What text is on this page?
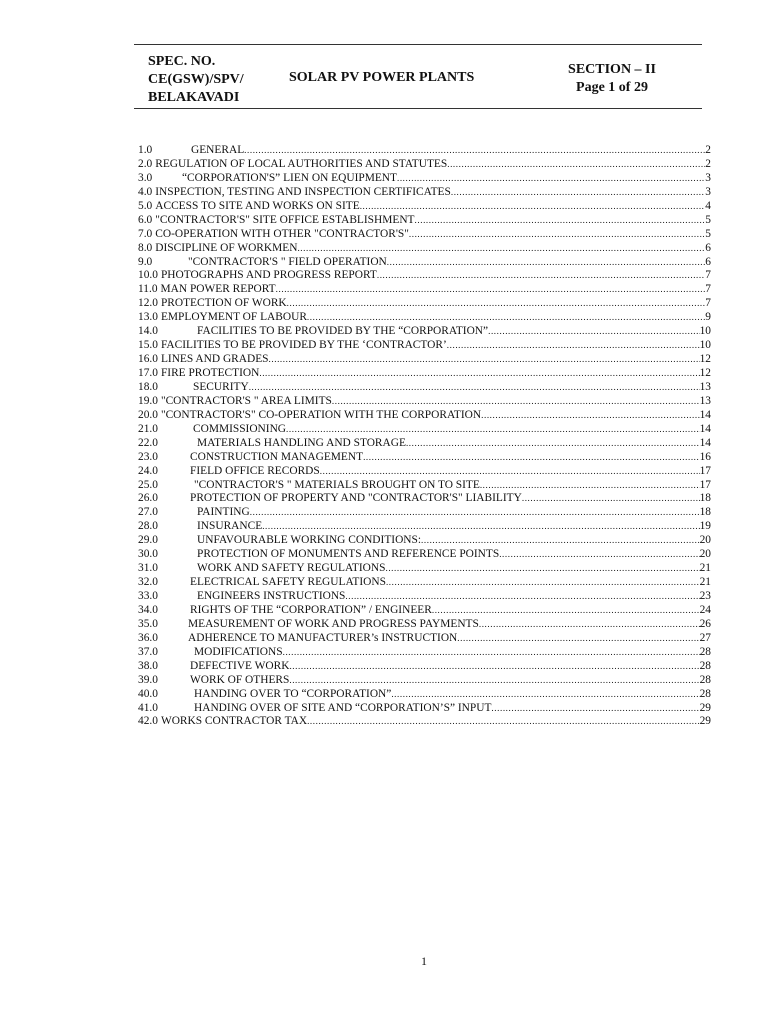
SPEC. NO.
CE(GSW)/SPV/
BELAKAVADI
SOLAR PV POWER PLANTS
SECTION – II
Page 1 of 29
1.0	GENERAL .....	2
2.0 REGULATION OF LOCAL AUTHORITIES AND STATUTES .....	2
3.0	“CORPORATION'S” LIEN ON EQUIPMENT .....	3
4.0 INSPECTION, TESTING AND INSPECTION CERTIFICATES .....	3
5.0 ACCESS TO SITE AND WORKS ON SITE .....	4
6.0 "CONTRACTOR'S" SITE OFFICE ESTABLISHMENT .....	5
7.0 CO-OPERATION WITH OTHER "CONTRACTOR'S" .....	5
8.0 DISCIPLINE OF WORKMEN .....	6
9.0	"CONTRACTOR'S " FIELD OPERATION .....	6
10.0 PHOTOGRAPHS AND PROGRESS REPORT .....	7
11.0 MAN POWER REPORT .....	7
12.0 PROTECTION OF WORK .....	7
13.0 EMPLOYMENT OF LABOUR .....	9
14.0	FACILITIES TO BE PROVIDED BY THE “CORPORATION” .....	10
15.0 FACILITIES TO BE PROVIDED BY THE ‘CONTRACTOR’ .....	10
16.0 LINES AND GRADES .....	12
17.0 FIRE PROTECTION .....	12
18.0	SECURITY .....	13
19.0 "CONTRACTOR'S " AREA LIMITS .....	13
20.0 "CONTRACTOR'S" CO-OPERATION WITH THE CORPORATION .....	14
21.0	COMMISSIONING .....	14
22.0	MATERIALS HANDLING AND STORAGE .....	14
23.0	CONSTRUCTION MANAGEMENT .....	16
24.0	FIELD OFFICE RECORDS .....	17
25.0	"CONTRACTOR'S " MATERIALS BROUGHT ON TO SITE .....	17
26.0	PROTECTION OF PROPERTY AND "CONTRACTOR'S" LIABILITY .....	18
27.0	PAINTING .....	18
28.0	INSURANCE .....	19
29.0	UNFAVOURABLE WORKING CONDITIONS: .....	20
30.0	PROTECTION OF MONUMENTS AND REFERENCE POINTS .....	20
31.0	WORK AND SAFETY REGULATIONS .....	21
32.0	ELECTRICAL SAFETY REGULATIONS .....	21
33.0	ENGINEERS INSTRUCTIONS .....	23
34.0	RIGHTS OF THE “CORPORATION” / ENGINEER .....	24
35.0	MEASUREMENT OF WORK AND PROGRESS PAYMENTS .....	26
36.0	ADHERENCE TO MANUFACTURER’s INSTRUCTION .....	27
37.0	MODIFICATIONS .....	28
38.0	DEFECTIVE WORK .....	28
39.0	WORK OF OTHERS .....	28
40.0	HANDING OVER TO “CORPORATION” .....	28
41.0	HANDING OVER OF SITE AND “CORPORATION’S” INPUT .....	29
42.0 WORKS CONTRACTOR TAX .....	29
1
